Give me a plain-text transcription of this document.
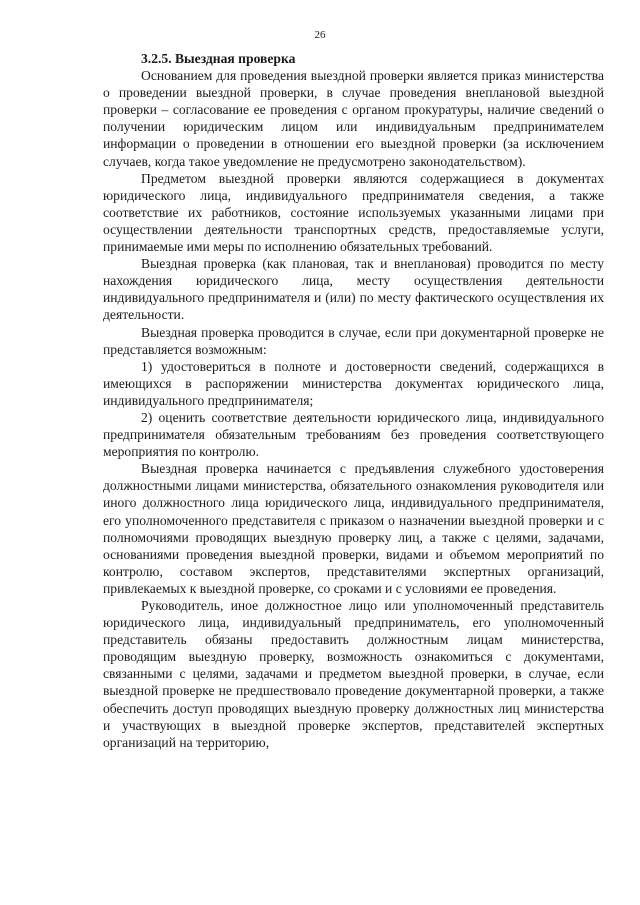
26

3.2.5. Выездная проверка

Основанием для проведения выездной проверки является приказ министерства о проведении выездной проверки, в случае проведения внеплановой выездной проверки – согласование ее проведения с органом прокуратуры, наличие сведений о получении юридическим лицом или индивидуальным предпринимателем информации о проведении в отношении его выездной проверки (за исключением случаев, когда такое уведомление не предусмотрено законодательством).

Предметом выездной проверки являются содержащиеся в документах юридического лица, индивидуального предпринимателя сведения, а также соответствие их работников, состояние используемых указанными лицами при осуществлении деятельности транспортных средств, предоставляемые услуги, принимаемые ими меры по исполнению обязательных требований.

Выездная проверка (как плановая, так и внеплановая) проводится по месту нахождения юридического лица, месту осуществления деятельности индивидуального предпринимателя и (или) по месту фактического осуществления их деятельности.

Выездная проверка проводится в случае, если при документарной проверке не представляется возможным:

1) удостовериться в полноте и достоверности сведений, содержащихся в имеющихся в распоряжении министерства документах юридического лица, индивидуального предпринимателя;

2) оценить соответствие деятельности юридического лица, индивидуального предпринимателя обязательным требованиям без проведения соответствующего мероприятия по контролю.

Выездная проверка начинается с предъявления служебного удостоверения должностными лицами министерства, обязательного ознакомления руководителя или иного должностного лица юридического лица, индивидуального предпринимателя, его уполномоченного представителя с приказом о назначении выездной проверки и с полномочиями проводящих выездную проверку лиц, а также с целями, задачами, основаниями проведения выездной проверки, видами и объемом мероприятий по контролю, составом экспертов, представителями экспертных организаций, привлекаемых к выездной проверке, со сроками и с условиями ее проведения.

Руководитель, иное должностное лицо или уполномоченный представитель юридического лица, индивидуальный предприниматель, его уполномоченный представитель обязаны предоставить должностным лицам министерства, проводящим выездную проверку, возможность ознакомиться с документами, связанными с целями, задачами и предметом выездной проверки, в случае, если выездной проверке не предшествовало проведение документарной проверки, а также обеспечить доступ проводящих выездную проверку должностных лиц министерства и участвующих в выездной проверке экспертов, представителей экспертных организаций на территорию,
